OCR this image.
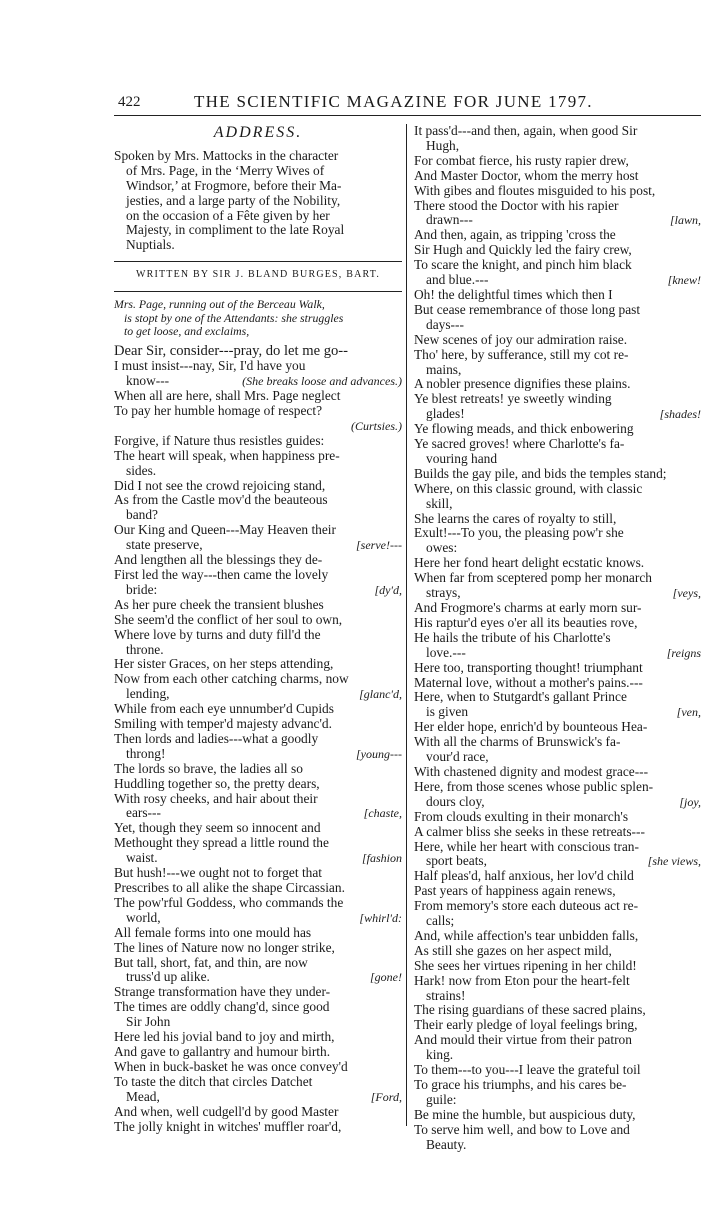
422	THE SCIENTIFIC MAGAZINE FOR JUNE 1797.
ADDRESS.
Spoken by Mrs. Mattocks in the character
of Mrs. Page, in the ‘Merry Wives of
Windsor,’ at Frogmore, before their Ma-
jesties, and a large party of the Nobility,
on the occasion of a Fête given by her
Majesty, in compliment to the late Royal
Nuptials.
WRITTEN BY SIR J. BLAND BURGES, BART.
Mrs. Page, running out of the Berceau Walk,
is stopt by one of the Attendants: she struggles
to get loose, and exclaims,
Dear Sir, consider---pray, do let me go--
I must insist---nay, Sir, I'd have you
know---	(She breaks loose and advances.)
When all are here, shall Mrs. Page neglect
To pay her humble homage of respect?
(Curtsies.)
Forgive, if Nature thus resistles guides:
The heart will speak, when happiness pre-
sides.
Did I not see the crowd rejoicing stand,
As from the Castle mov'd the beauteous
band?
Our King and Queen---May Heaven their
state preserve,	[serve!---
And lengthen all the blessings they de-
First led the way---then came the lovely
bride:	[dy'd,
As her pure cheek the transient blushes
She seem'd the conflict of her soul to own,
Where love by turns and duty fill'd the
throne.
Her sister Graces, on her steps attending,
Now from each other catching charms, now
lending,	[glanc'd,
While from each eye unnumber'd Cupids
Smiling with temper'd majesty advanc'd.
Then lords and ladies---what a goodly
throng!	[young---
The lords so brave, the ladies all so
Huddling together so, the pretty dears,
With rosy cheeks, and hair about their
ears---	[chaste,
Yet, though they seem so innocent and
Methought they spread a little round the
waist.	[fashion
But hush!---we ought not to forget that
Prescribes to all alike the shape Circassian.
The pow'rful Goddess, who commands the
world,	[whirl'd:
All female forms into one mould has
The lines of Nature now no longer strike,
But tall, short, fat, and thin, are now
truss'd up alike.	[gone!
Strange transformation have they under-
The times are oddly chang'd, since good
Sir John
Here led his jovial band to joy and mirth,
And gave to gallantry and humour birth.
When in buck-basket he was once convey'd
To taste the ditch that circles Datchet
Mead,	[Ford,
And when, well cudgell'd by good Master
The jolly knight in witches' muffler roar'd,
It pass'd---and then, again, when good Sir
Hugh,
For combat fierce, his rusty rapier drew,
And Master Doctor, whom the merry host
With gibes and floutes misguided to his post,
There stood the Doctor with his rapier
drawn---	[lawn,
And then, again, as tripping 'cross the
Sir Hugh and Quickly led the fairy crew,
To scare the knight, and pinch him black
and blue.---	[knew!
Oh! the delightful times which then I
But cease remembrance of those long past
days---
New scenes of joy our admiration raise.
Tho' here, by sufferance, still my cot re-
mains,
A nobler presence dignifies these plains.
Ye blest retreats! ye sweetly winding
glades!	[shades!
Ye flowing meads, and thick enbowering
Ye sacred groves! where Charlotte's fa-
vouring hand
Builds the gay pile, and bids the temples stand;
Where, on this classic ground, with classic
skill,
She learns the cares of royalty to still,
Exult!---To you, the pleasing pow'r she
owes:
Here her fond heart delight ecstatic knows.
When far from sceptered pomp her monarch
strays,	[veys,
And Frogmore's charms at early morn sur-
His raptur'd eyes o'er all its beauties rove,
He hails the tribute of his Charlotte's
love.---	[reigns
Here too, transporting thought! triumphant
Maternal love, without a mother's pains.---
Here, when to Stutgardt's gallant Prince
is given	[ven,
Her elder hope, enrich'd by bounteous Hea-
With all the charms of Brunswick's fa-
vour'd race,
With chastened dignity and modest grace---
Here, from those scenes whose public splen-
dours cloy,	[joy,
From clouds exulting in their monarch's
A calmer bliss she seeks in these retreats---
Here, while her heart with conscious tran-
sport beats,	[she views,
Half pleas'd, half anxious, her lov'd child
Past years of happiness again renews,
From memory's store each duteous act re-
calls;
And, while affection's tear unbidden falls,
As still she gazes on her aspect mild,
She sees her virtues ripening in her child!
Hark! now from Eton pour the heart-felt
strains!
The rising guardians of these sacred plains,
Their early pledge of loyal feelings bring,
And mould their virtue from their patron
king.
To them---to you---I leave the grateful toil
To grace his triumphs, and his cares be-
guile:
Be mine the humble, but auspicious duty,
To serve him well, and bow to Love and
Beauty.
